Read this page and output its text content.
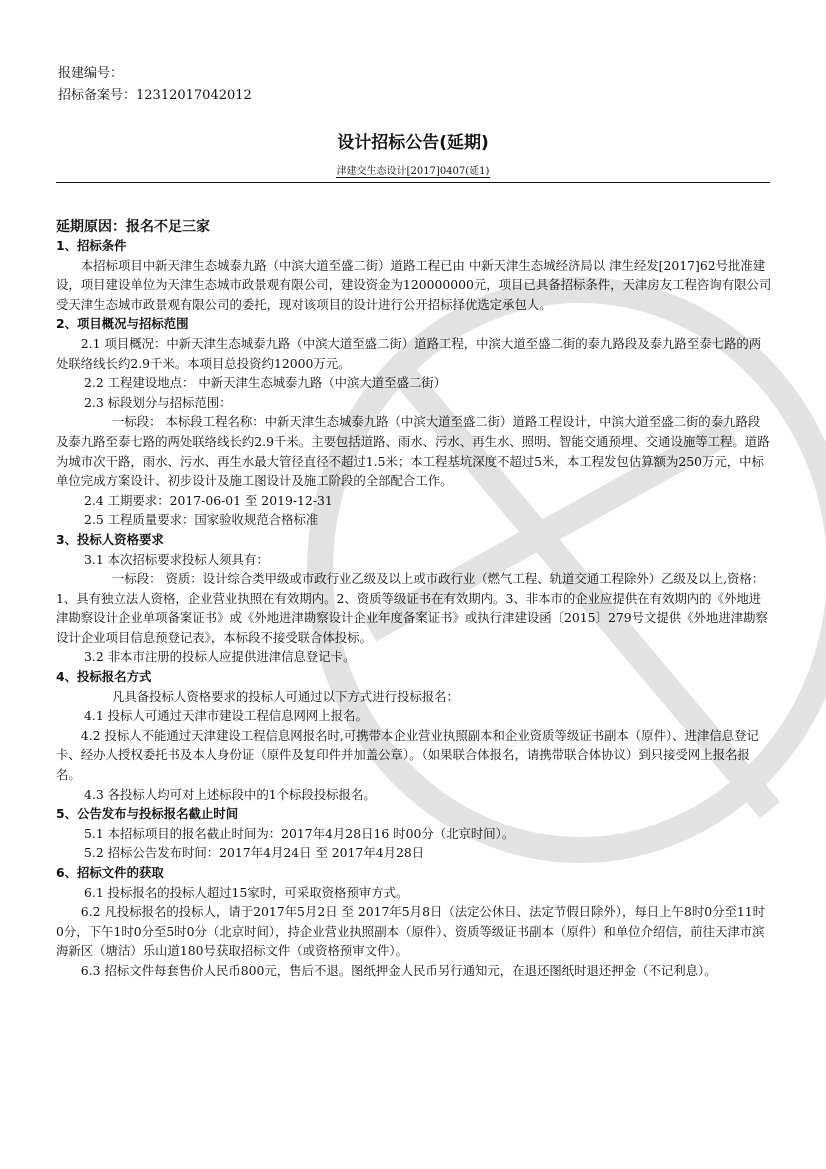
报建编号：
招标备案号：12312017042012
设计招标公告(延期)
津建交生态设计[2017]0407(延1)
延期原因：报名不足三家
1、招标条件

本招标项目中新天津生态城泰九路（中滨大道至盛二街）道路工程已由 中新天津生态城经济局以 津生经发[2017]62号批准建设，项目建设单位为天津生态城市政景观有限公司，建设资金为120000000元，项目已具备招标条件，天津房友工程咨询有限公司受天津生态城市政景观有限公司的委托，现对该项目的设计进行公开招标择优选定承包人。

2、项目概况与招标范围

2.1 项目概况：中新天津生态城泰九路（中滨大道至盛二街）道路工程，中滨大道至盛二街的泰九路段及泰九路至泰七路的两处联络线长约2.9千米。本项目总投资约12000万元。

2.2 工程建设地点： 中新天津生态城泰九路（中滨大道至盛二街）

2.3 标段划分与招标范围：

一标段： 本标段工程名称：中新天津生态城泰九路（中滨大道至盛二街）道路工程设计，中滨大道至盛二街的泰九路段及泰九路至泰七路的两处联络线长约2.9千米。主要包括道路、雨水、污水、再生水、照明、智能交通预埋、交通设施等工程。道路为城市次干路，雨水、污水、再生水最大管径直径不超过1.5米；本工程基坑深度不超过5米，本工程发包估算额为250万元，中标单位完成方案设计、初步设计及施工图设计及施工阶段的全部配合工作。

2.4 工期要求：2017-06-01 至 2019-12-31

2.5 工程质量要求：国家验收规范合格标准

3、投标人资格要求

3.1 本次招标要求投标人须具有：

一标段： 资质：设计综合类甲级或市政行业乙级及以上或市政行业（燃气工程、轨道交通工程除外）乙级及以上,资格：1、具有独立法人资格，企业营业执照在有效期内。2、资质等级证书在有效期内。3、非本市的企业应提供在有效期内的《外地进津勘察设计企业单项备案证书》或《外地进津勘察设计企业年度备案证书》或执行津建设函〔2015〕279号文提供《外地进津勘察设计企业项目信息预登记表》，本标段不接受联合体投标。

3.2 非本市注册的投标人应提供进津信息登记卡。

4、投标报名方式

凡具备投标人资格要求的投标人可通过以下方式进行投标报名：

4.1 投标人可通过天津市建设工程信息网网上报名。

4.2 投标人不能通过天津建设工程信息网报名时,可携带本企业营业执照副本和企业资质等级证书副本（原件）、进津信息登记卡、经办人授权委托书及本人身份证（原件及复印件并加盖公章）。（如果联合体报名，请携带联合体协议）到只接受网上报名报名。

4.3 各投标人均可对上述标段中的1个标段投标报名。

5、公告发布与投标报名截止时间

5.1 本招标项目的报名截止时间为：2017年4月28日16 时00分（北京时间）。

5.2 招标公告发布时间：2017年4月24日 至 2017年4月28日

6、招标文件的获取

6.1 投标报名的投标人超过15家时，可采取资格预审方式。

6.2 凡投标报名的投标人，请于2017年5月2日 至 2017年5月8日（法定公休日、法定节假日除外），每日上午8时0分至11时0分，下午1时0分至5时0分（北京时间），持企业营业执照副本（原件）、资质等级证书副本（原件）和单位介绍信，前往天津市滨海新区（塘沽）乐山道180号获取招标文件（或资格预审文件）。

6.3 招标文件每套售价人民币800元，售后不退。图纸押金人民币另行通知元，在退还图纸时退还押金（不记利息）。
